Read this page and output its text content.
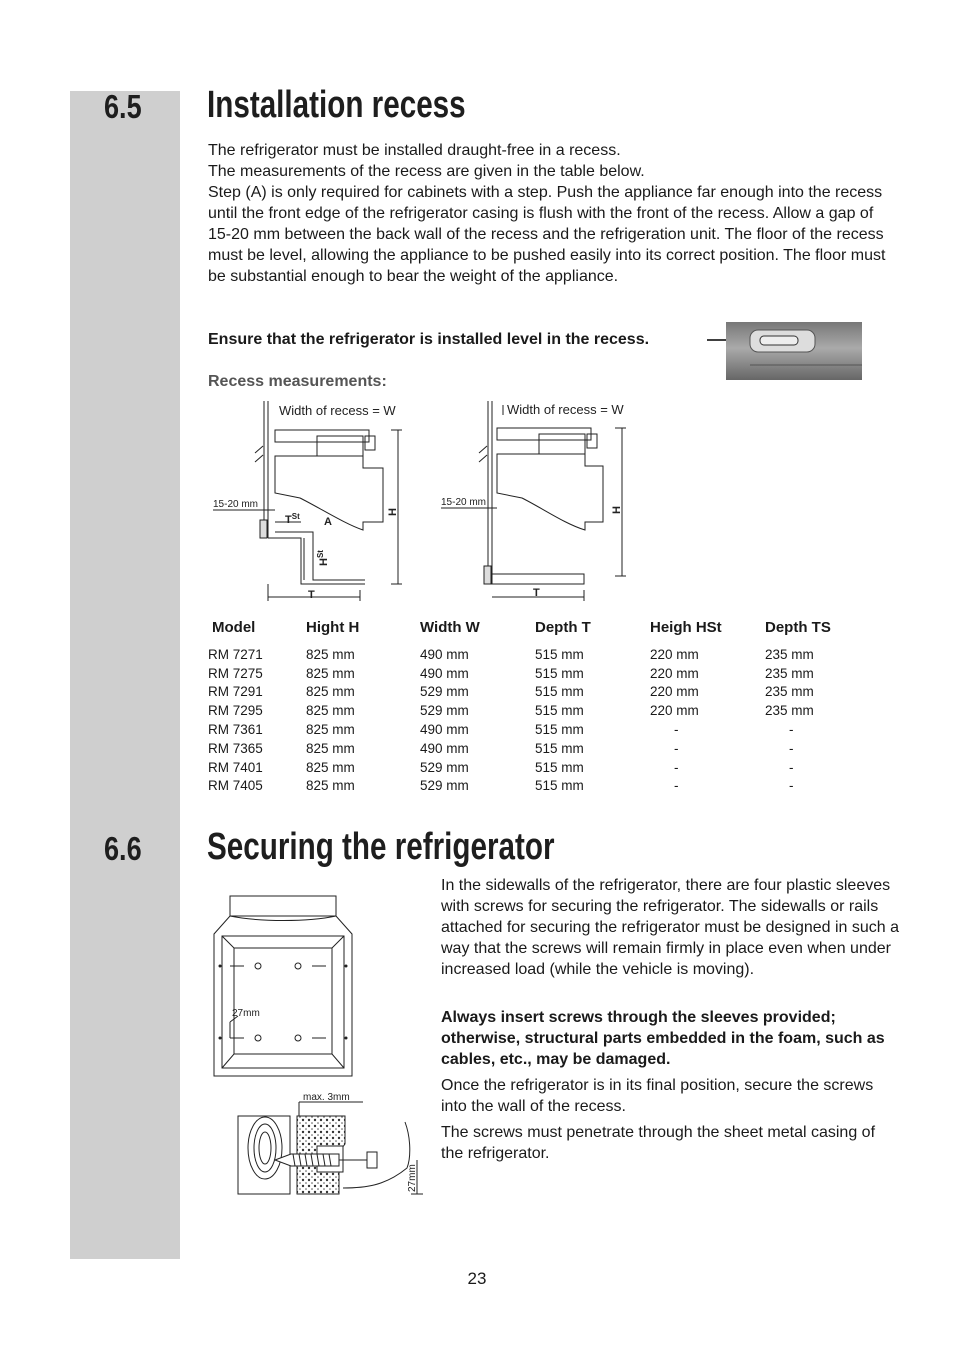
6.5 Installation recess

The refrigerator must be installed draught-free in a recess.
The measurements of the recess are given in the table below.
Step (A) is only required for cabinets with a step. Push the appliance far enough into the recess until the front edge of the refrigerator casing is flush with the front of the recess. Allow a gap of 15-20 mm between the back wall of the recess and the refrigeration unit. The floor of the recess must be level, allowing the appliance to be pushed easily into its correct position. The floor must be substantial enough to bear the weight of the appliance.

Ensure that the refrigerator is installed level in the recess.

Recess measurements:
Width of recess = W
15-20 mm
$T^{St}$ A
H
$H^{St}$
T
Width of recess = W
15-20 mm
H
T
Model	Hight H	Width W	Depth T	Heigh HSt	Depth TS
RM 7271	825 mm	490 mm	515 mm	220 mm	235 mm
RM 7275	825 mm	490 mm	515 mm	220 mm	235 mm
RM 7291	825 mm	529 mm	515 mm	220 mm	235 mm
RM 7295	825 mm	529 mm	515 mm	220 mm	235 mm
RM 7361	825 mm	490 mm	515 mm	-	-
RM 7365	825 mm	490 mm	515 mm	-	-
RM 7401	825 mm	529 mm	515 mm	-	-
RM 7405	825 mm	529 mm	515 mm	-	-
6.6 Securing the refrigerator
27mm
max. 3mm
27mm

In the sidewalls of the refrigerator, there are four plastic sleeves with screws for securing the refrigerator. The sidewalls or rails attached for securing the refrigerator must be designed in such a way that the screws will remain firmly in place even when under increased load (while the vehicle is moving).

Always insert screws through the sleeves provided; otherwise, structural parts embedded in the foam, such as cables, etc., may be damaged.

Once the refrigerator is in its final position, secure the screws into the wall of the recess.

The screws must penetrate through the sheet metal casing of the refrigerator.

23
